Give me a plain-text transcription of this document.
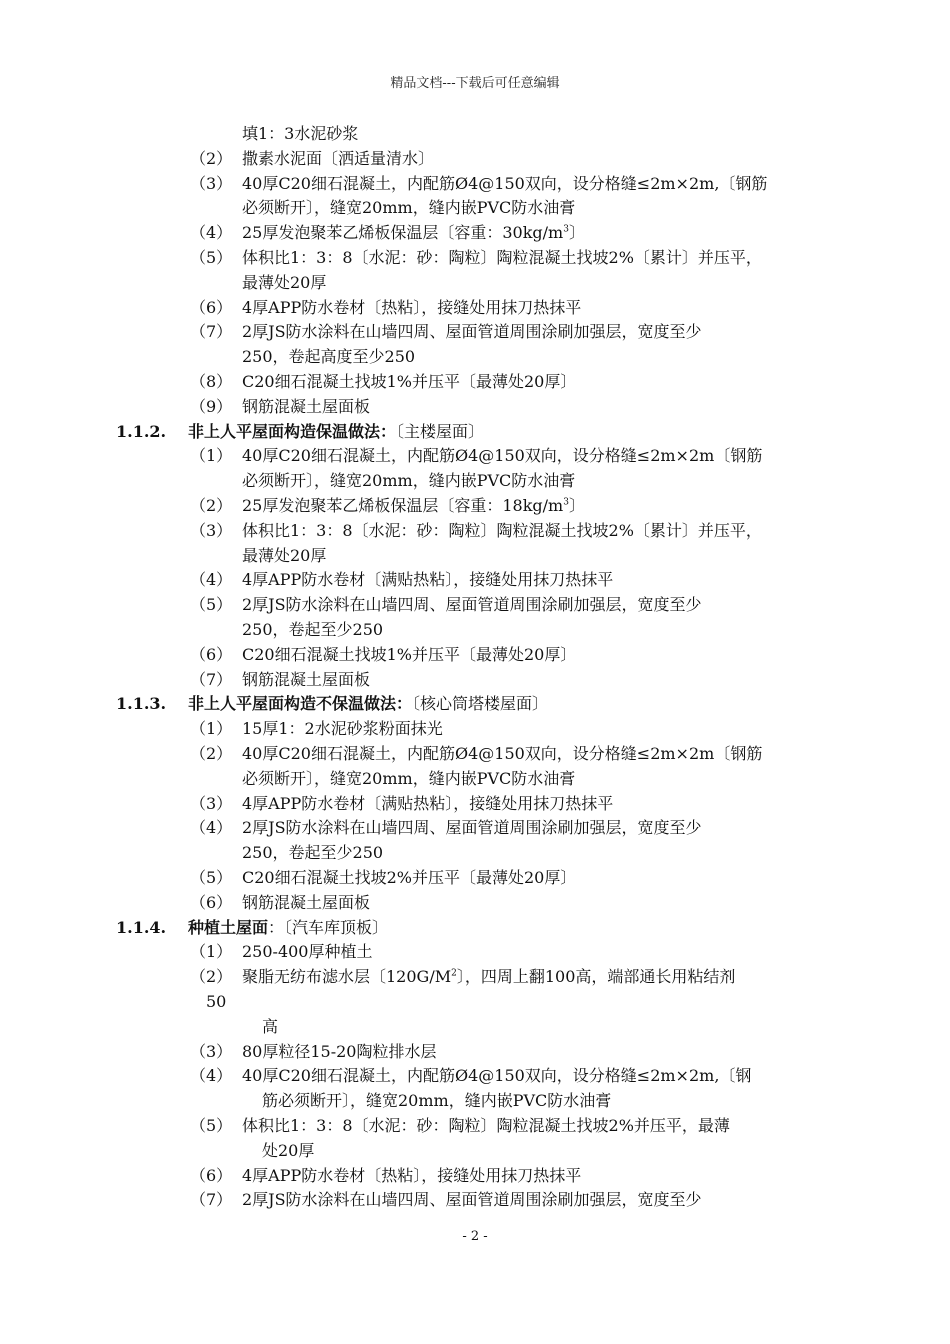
精品文档---下载后可任意编辑
填1：3水泥砂浆
（2） 撒素水泥面〔洒适量清水〕
（3） 40厚C20细石混凝土，内配筋Ø4@150双向，设分格缝≤2m×2m,〔钢筋
必须断开〕，缝宽20mm，缝内嵌PVC防水油膏
（4） 25厚发泡聚苯乙烯板保温层〔容重：$30kg/m^3$〕
（5） 体积比1：3：8〔水泥：砂：陶粒〕陶粒混凝土找坡2%〔累计〕并压平，
最薄处20厚
（6） 4厚APP防水卷材〔热粘〕，接缝处用抹刀热抹平
（7） 2厚JS防水涂料在山墙四周、屋面管道周围涂刷加强层，宽度至少
250，卷起高度至少250
（8） C20细石混凝土找坡1%并压平〔最薄处20厚〕
（9） 钢筋混凝土屋面板
1.1.2. 非上人平屋面构造保温做法：〔主楼屋面〕
（1） 40厚C20细石混凝土，内配筋Ø4@150双向，设分格缝≤2m×2m〔钢筋
必须断开〕，缝宽20mm，缝内嵌PVC防水油膏
（2） 25厚发泡聚苯乙烯板保温层〔容重：$18kg/m^3$〕
（3） 体积比1：3：8〔水泥：砂：陶粒〕陶粒混凝土找坡2%〔累计〕并压平，
最薄处20厚
（4） 4厚APP防水卷材〔满贴热粘〕，接缝处用抹刀热抹平
（5） 2厚JS防水涂料在山墙四周、屋面管道周围涂刷加强层，宽度至少
250，卷起至少250
（6） C20细石混凝土找坡1%并压平〔最薄处20厚〕
（7） 钢筋混凝土屋面板
1.1.3. 非上人平屋面构造不保温做法：〔核心筒塔楼屋面〕
（1） 15厚1：2水泥砂浆粉面抹光
（2） 40厚C20细石混凝土，内配筋Ø4@150双向，设分格缝≤2m×2m〔钢筋
必须断开〕，缝宽20mm，缝内嵌PVC防水油膏
（3） 4厚APP防水卷材〔满贴热粘〕，接缝处用抹刀热抹平
（4） 2厚JS防水涂料在山墙四周、屋面管道周围涂刷加强层，宽度至少
250，卷起至少250
（5） C20细石混凝土找坡2%并压平〔最薄处20厚〕
（6） 钢筋混凝土屋面板
1.1.4. 种植土屋面：〔汽车库顶板〕
（1） 250-400厚种植土
（2） 聚脂无纺布滤水层〔$120G/M^2$〕，四周上翻100高，端部通长用粘结剂
50
高
（3） 80厚粒径15-20陶粒排水层
（4） 40厚C20细石混凝土，内配筋Ø4@150双向，设分格缝≤2m×2m,〔钢
筋必须断开〕，缝宽20mm，缝内嵌PVC防水油膏
（5） 体积比1：3：8〔水泥：砂：陶粒〕陶粒混凝土找坡2%并压平，最薄
处20厚
（6） 4厚APP防水卷材〔热粘〕，接缝处用抹刀热抹平
（7） 2厚JS防水涂料在山墙四周、屋面管道周围涂刷加强层，宽度至少
- 2 -
